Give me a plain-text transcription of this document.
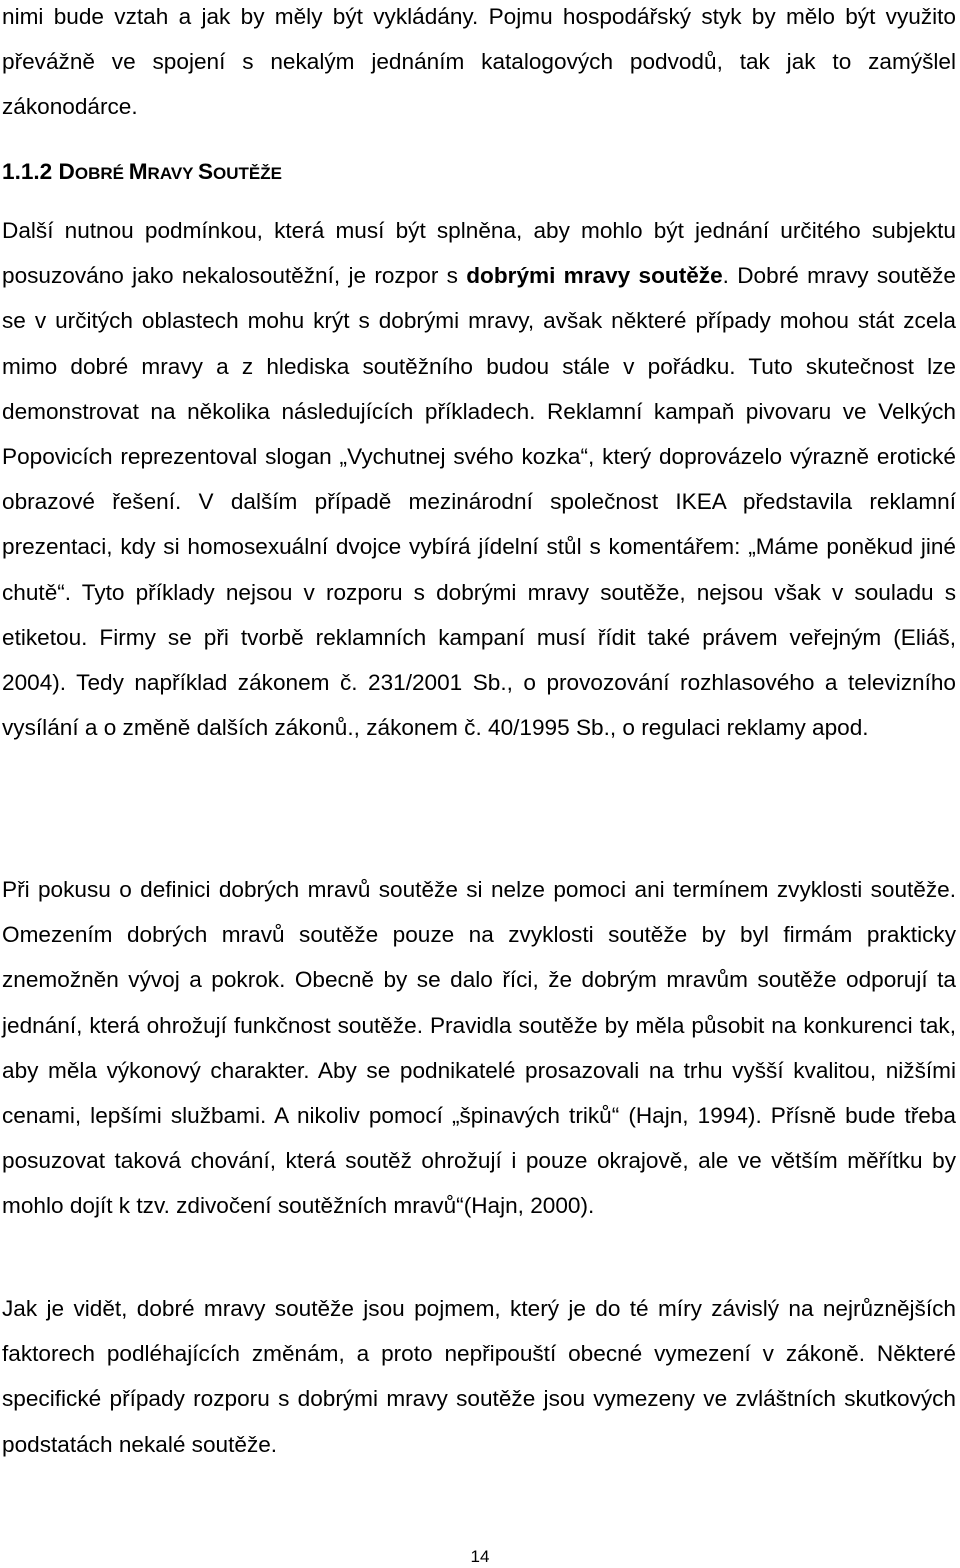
nimi bude vztah a jak by měly být vykládány. Pojmu hospodářský styk by mělo být využito převážně ve spojení s nekalým jednáním katalogových podvodů, tak jak to zamýšlel zákonodárce.

1.1.2 DOBRÉ MRAVY SOUTĚŽE

Další nutnou podmínkou, která musí být splněna, aby mohlo být jednání určitého subjektu posuzováno jako nekalosoutěžní, je rozpor s dobrými mravy soutěže. Dobré mravy soutěže se v určitých oblastech mohu krýt s dobrými mravy, avšak některé případy mohou stát zcela mimo dobré mravy a z hlediska soutěžního budou stále v pořádku. Tuto skutečnost lze demonstrovat na několika následujících příkladech. Reklamní kampaň pivovaru ve Velkých Popovicích reprezentoval slogan „Vychutnej svého kozka“, který doprovázelo výrazně erotické obrazové řešení. V dalším případě mezinárodní společnost IKEA představila reklamní prezentaci, kdy si homosexuální dvojce vybírá jídelní stůl s komentářem: „Máme poněkud jiné chutě“. Tyto příklady nejsou v rozporu s dobrými mravy soutěže, nejsou však v souladu s etiketou. Firmy se při tvorbě reklamních kampaní musí řídit také právem veřejným (Eliáš, 2004). Tedy například zákonem č. 231/2001 Sb., o provozování rozhlasového a televizního vysílání a o změně dalších zákonů., zákonem č. 40/1995 Sb., o regulaci reklamy apod.

Při pokusu o definici dobrých mravů soutěže si nelze pomoci ani termínem zvyklosti soutěže. Omezením dobrých mravů soutěže pouze na zvyklosti soutěže by byl firmám prakticky znemožněn vývoj a pokrok. Obecně by se dalo říci, že dobrým mravům soutěže odporují ta jednání, která ohrožují funkčnost soutěže. Pravidla soutěže by měla působit na konkurenci tak, aby měla výkonový charakter. Aby se podnikatelé prosazovali na trhu vyšší kvalitou, nižšími cenami, lepšími službami. A nikoliv pomocí „špinavých triků“ (Hajn, 1994). Přísně bude třeba posuzovat taková chování, která soutěž ohrožují i pouze okrajově, ale ve větším měřítku by mohlo dojít k tzv. zdivočení soutěžních mravů“(Hajn, 2000).

Jak je vidět, dobré mravy soutěže jsou pojmem, který je do té míry závislý na nejrůznějších faktorech podléhajících změnám, a proto nepřipouští obecné vymezení v zákoně. Některé specifické případy rozporu s dobrými mravy soutěže jsou vymezeny ve zvláštních skutkových podstatách nekalé soutěže.

14
